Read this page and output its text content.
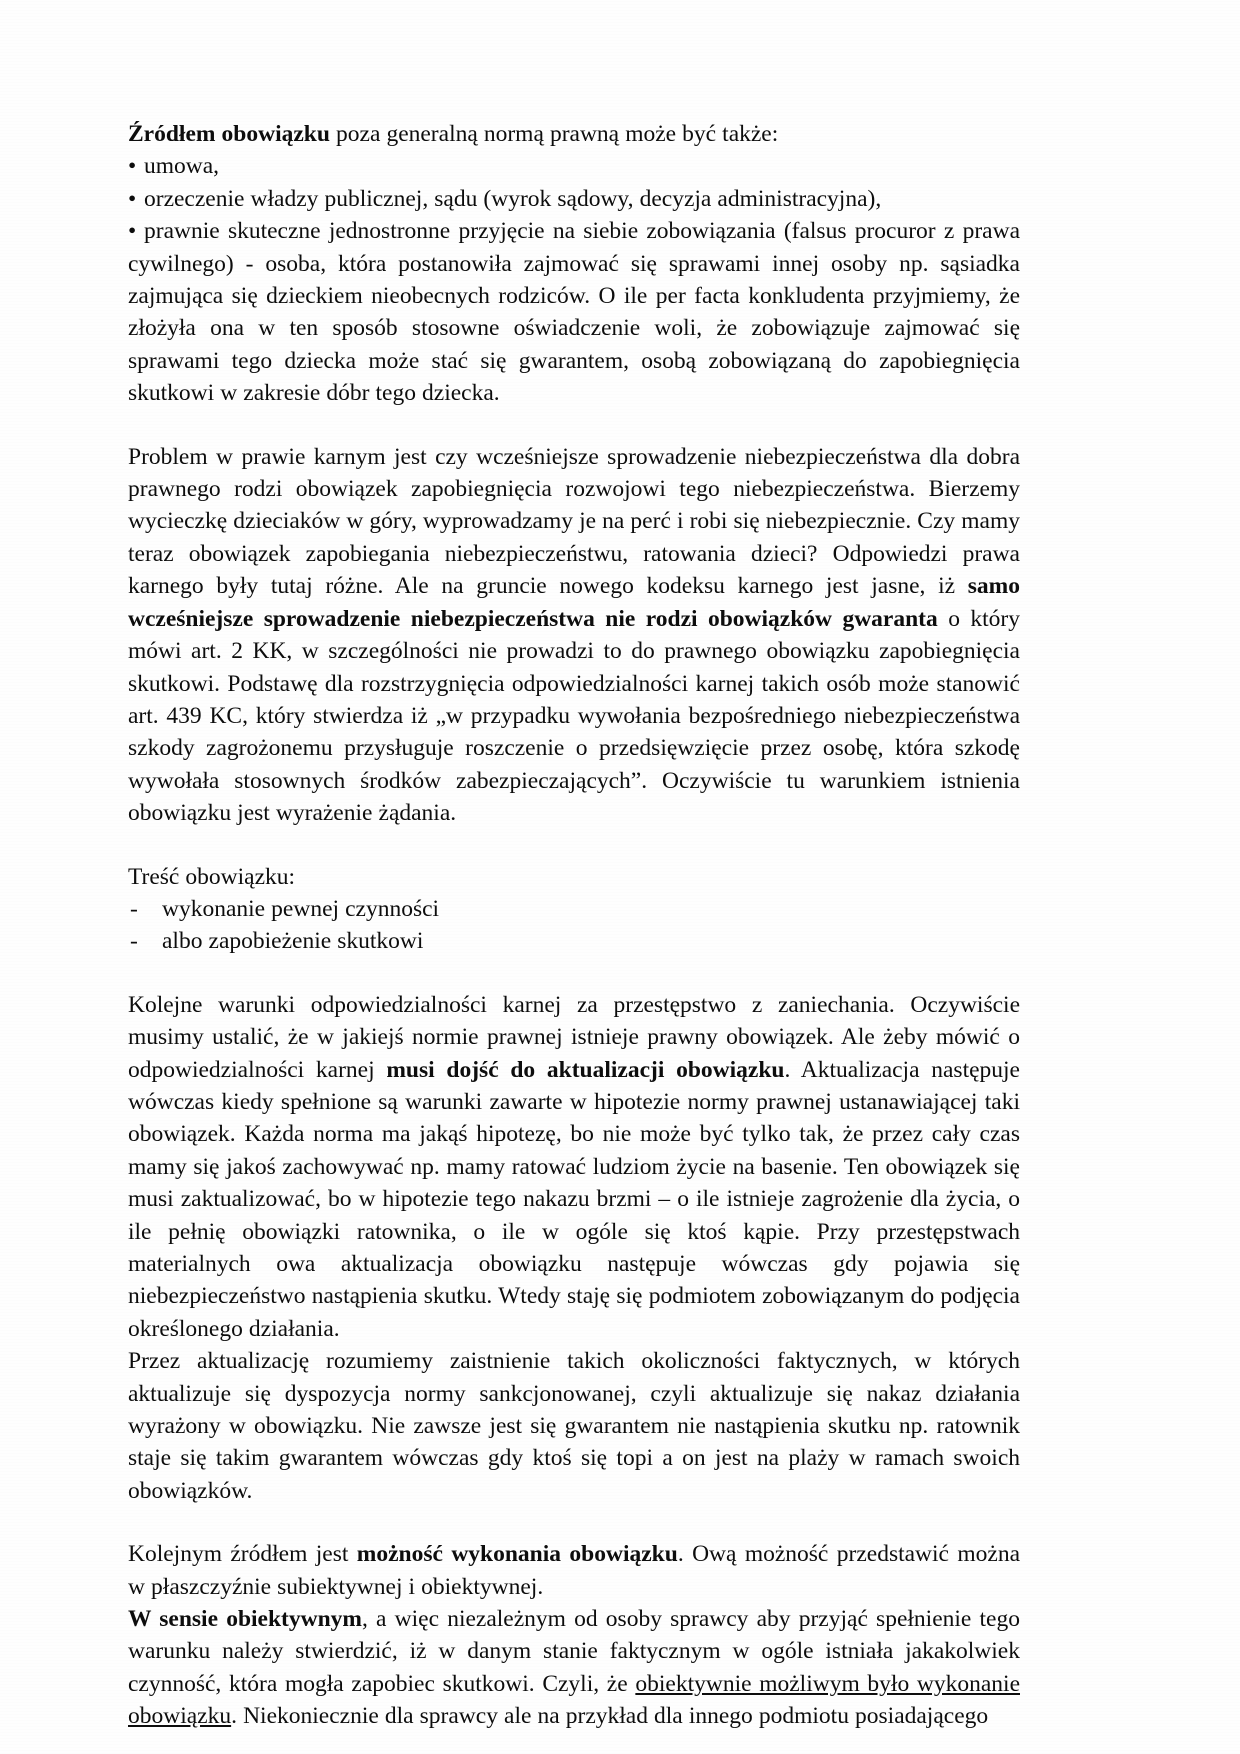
Źródłem obowiązku poza generalną normą prawną może być także:

• umowa,

• orzeczenie władzy publicznej, sądu (wyrok sądowy, decyzja administracyjna),

• prawnie skuteczne jednostronne przyjęcie na siebie zobowiązania (falsus procuror z prawa cywilnego) - osoba, która postanowiła zajmować się sprawami innej osoby np. sąsiadka zajmująca się dzieckiem nieobecnych rodziców. O ile per facta konkludenta przyjmiemy, że złożyła ona w ten sposób stosowne oświadczenie woli, że zobowiązuje zajmować się sprawami tego dziecka może stać się gwarantem, osobą zobowiązaną do zapobiegnięcia skutkowi w zakresie dóbr tego dziecka.

Problem w prawie karnym jest czy wcześniejsze sprowadzenie niebezpieczeństwa dla dobra prawnego rodzi obowiązek zapobiegnięcia rozwojowi tego niebezpieczeństwa. Bierzemy wycieczkę dzieciaków w góry, wyprowadzamy je na perć i robi się niebezpiecznie. Czy mamy teraz obowiązek zapobiegania niebezpieczeństwu, ratowania dzieci? Odpowiedzi prawa karnego były tutaj różne. Ale na gruncie nowego kodeksu karnego jest jasne, iż samo wcześniejsze sprowadzenie niebezpieczeństwa nie rodzi obowiązków gwaranta o który mówi art. 2 KK, w szczególności nie prowadzi to do prawnego obowiązku zapobiegnięcia skutkowi. Podstawę dla rozstrzygnięcia odpowiedzialności karnej takich osób może stanowić art. 439 KC, który stwierdza iż „w przypadku wywołania bezpośredniego niebezpieczeństwa szkody zagrożonemu przysługuje roszczenie o przedsięwzięcie przez osobę, która szkodę wywołała stosownych środków zabezpieczających”. Oczywiście tu warunkiem istnienia obowiązku jest wyrażenie żądania.

Treść obowiązku:

- wykonanie pewnej czynności

- albo zapobieżenie skutkowi

Kolejne warunki odpowiedzialności karnej za przestępstwo z zaniechania. Oczywiście musimy ustalić, że w jakiejś normie prawnej istnieje prawny obowiązek. Ale żeby mówić o odpowiedzialności karnej musi dojść do aktualizacji obowiązku. Aktualizacja następuje wówczas kiedy spełnione są warunki zawarte w hipotezie normy prawnej ustanawiającej taki obowiązek. Każda norma ma jakąś hipotezę, bo nie może być tylko tak, że przez cały czas mamy się jakoś zachowywać np. mamy ratować ludziom życie na basenie. Ten obowiązek się musi zaktualizować, bo w hipotezie tego nakazu brzmi – o ile istnieje zagrożenie dla życia, o ile pełnię obowiązki ratownika, o ile w ogóle się ktoś kąpie. Przy przestępstwach materialnych owa aktualizacja obowiązku następuje wówczas gdy pojawia się niebezpieczeństwo nastąpienia skutku. Wtedy staję się podmiotem zobowiązanym do podjęcia określonego działania.

Przez aktualizację rozumiemy zaistnienie takich okoliczności faktycznych, w których aktualizuje się dyspozycja normy sankcjonowanej, czyli aktualizuje się nakaz działania wyrażony w obowiązku. Nie zawsze jest się gwarantem nie nastąpienia skutku np. ratownik staje się takim gwarantem wówczas gdy ktoś się topi a on jest na plaży w ramach swoich obowiązków.

Kolejnym źródłem jest możność wykonania obowiązku. Ową możność przedstawić można w płaszczyźnie subiektywnej i obiektywnej.

W sensie obiektywnym, a więc niezależnym od osoby sprawcy aby przyjąć spełnienie tego warunku należy stwierdzić, iż w danym stanie faktycznym w ogóle istniała jakakolwiek czynność, która mogła zapobiec skutkowi. Czyli, że obiektywnie możliwym było wykonanie obowiązku. Niekoniecznie dla sprawcy ale na przykład dla innego podmiotu posiadającego
